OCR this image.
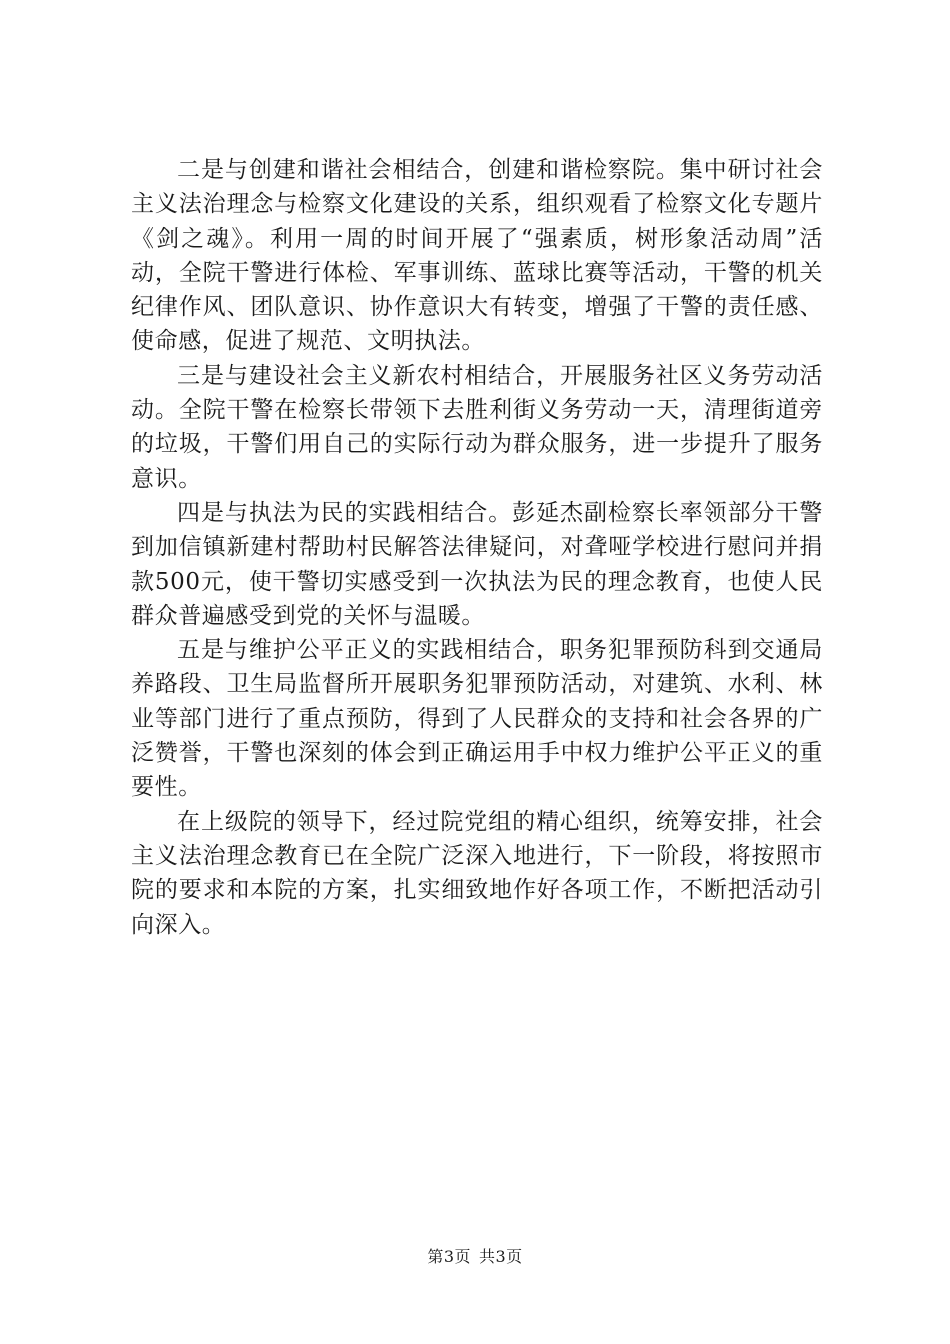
二是与创建和谐社会相结合，创建和谐检察院。集中研讨社会主义法治理念与检察文化建设的关系，组织观看了检察文化专题片《剑之魂》。利用一周的时间开展了“强素质，树形象活动周”活动，全院干警进行体检、军事训练、蓝球比赛等活动，干警的机关纪律作风、团队意识、协作意识大有转变，增强了干警的责任感、使命感，促进了规范、文明执法。

三是与建设社会主义新农村相结合，开展服务社区义务劳动活动。全院干警在检察长带领下去胜利街义务劳动一天，清理街道旁的垃圾，干警们用自己的实际行动为群众服务，进一步提升了服务意识。

四是与执法为民的实践相结合。彭延杰副检察长率领部分干警到加信镇新建村帮助村民解答法律疑问，对聋哑学校进行慰问并捐款500元，使干警切实感受到一次执法为民的理念教育，也使人民群众普遍感受到党的关怀与温暖。

五是与维护公平正义的实践相结合，职务犯罪预防科到交通局养路段、卫生局监督所开展职务犯罪预防活动，对建筑、水利、林业等部门进行了重点预防，得到了人民群众的支持和社会各界的广泛赞誉，干警也深刻的体会到正确运用手中权力维护公平正义的重要性。

在上级院的领导下，经过院党组的精心组织，统筹安排，社会主义法治理念教育已在全院广泛深入地进行，下一阶段，将按照市院的要求和本院的方案，扎实细致地作好各项工作，不断把活动引向深入。

第3页 共3页
